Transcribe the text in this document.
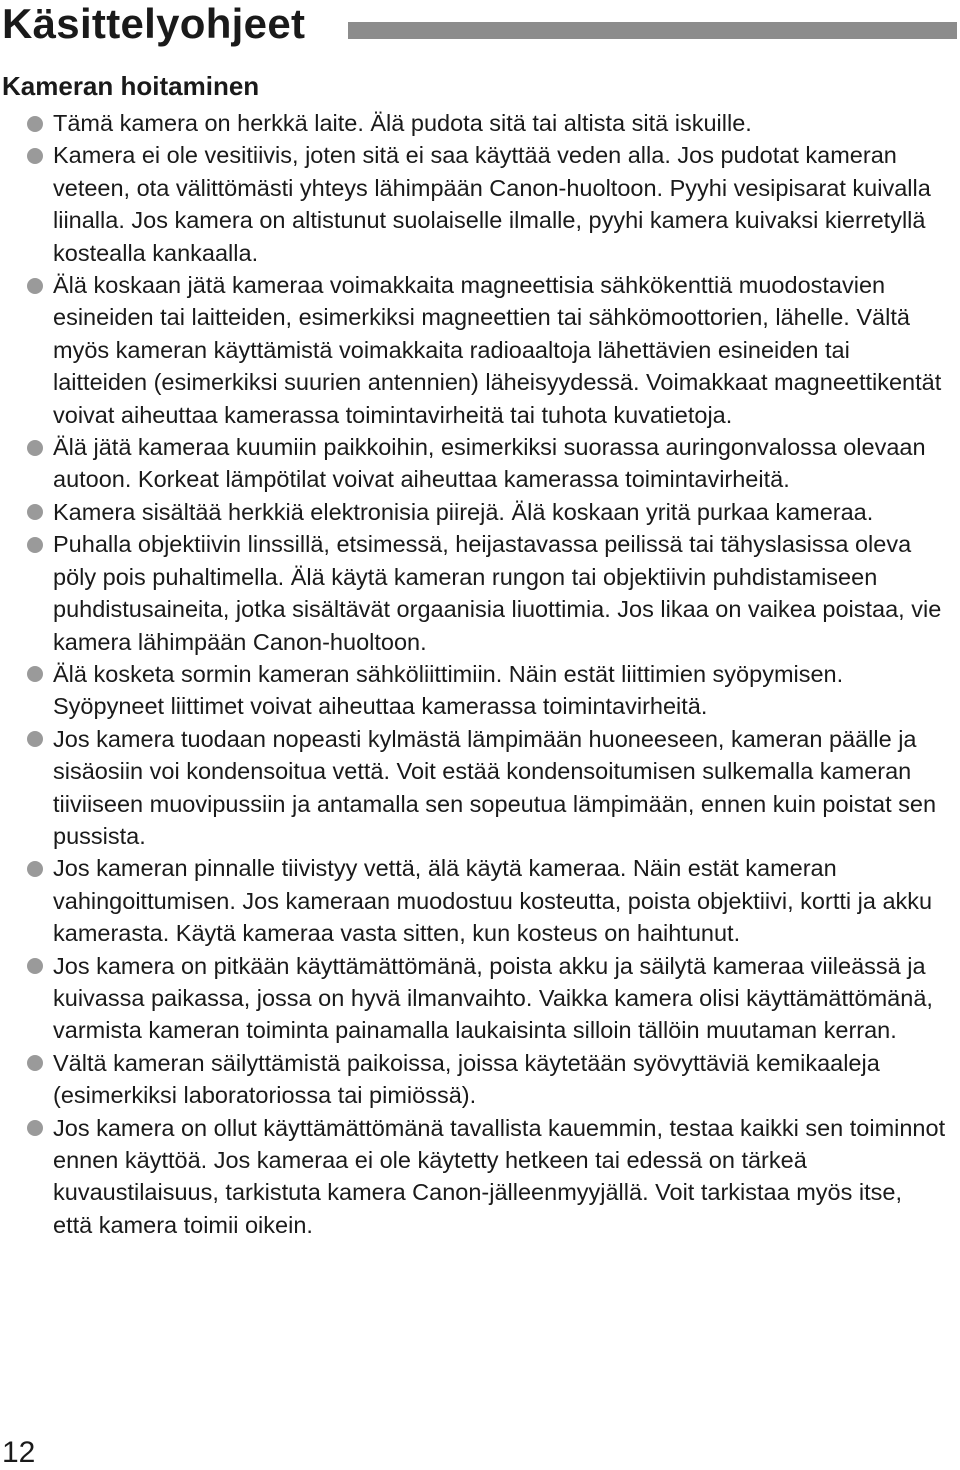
Käsittelyohjeet
Kameran hoitaminen
Tämä kamera on herkkä laite. Älä pudota sitä tai altista sitä iskuille.
Kamera ei ole vesitiivis, joten sitä ei saa käyttää veden alla. Jos pudotat kameran veteen, ota välittömästi yhteys lähimpään Canon-huoltoon. Pyyhi vesipisarat kuivalla liinalla. Jos kamera on altistunut suolaiselle ilmalle, pyyhi kamera kuivaksi kierretyllä kostealla kankaalla.
Älä koskaan jätä kameraa voimakkaita magneettisia sähkökenttiä muodostavien esineiden tai laitteiden, esimerkiksi magneettien tai sähkömoottorien, lähelle. Vältä myös kameran käyttämistä voimakkaita radioaaltoja lähettävien esineiden tai laitteiden (esimerkiksi suurien antennien) läheisyydessä. Voimakkaat magneettikentät voivat aiheuttaa kamerassa toimintavirheitä tai tuhota kuvatietoja.
Älä jätä kameraa kuumiin paikkoihin, esimerkiksi suorassa auringonvalossa olevaan autoon. Korkeat lämpötilat voivat aiheuttaa kamerassa toimintavirheitä.
Kamera sisältää herkkiä elektronisia piirejä. Älä koskaan yritä purkaa kameraa.
Puhalla objektiivin linssillä, etsimessä, heijastavassa peilissä tai tähyslasissa oleva pöly pois puhaltimella. Älä käytä kameran rungon tai objektiivin puhdistamiseen puhdistusaineita, jotka sisältävät orgaanisia liuottimia. Jos likaa on vaikea poistaa, vie kamera lähimpään Canon-huoltoon.
Älä kosketa sormin kameran sähköliittimiin. Näin estät liittimien syöpymisen. Syöpyneet liittimet voivat aiheuttaa kamerassa toimintavirheitä.
Jos kamera tuodaan nopeasti kylmästä lämpimään huoneeseen, kameran päälle ja sisäosiin voi kondensoitua vettä. Voit estää kondensoitumisen sulkemalla kameran tiiviiseen muovipussiin ja antamalla sen sopeutua lämpimään, ennen kuin poistat sen pussista.
Jos kameran pinnalle tiivistyy vettä, älä käytä kameraa. Näin estät kameran vahingoittumisen. Jos kameraan muodostuu kosteutta, poista objektiivi, kortti ja akku kamerasta. Käytä kameraa vasta sitten, kun kosteus on haihtunut.
Jos kamera on pitkään käyttämättömänä, poista akku ja säilytä kameraa viileässä ja kuivassa paikassa, jossa on hyvä ilmanvaihto. Vaikka kamera olisi käyttämättömänä, varmista kameran toiminta painamalla laukaisinta silloin tällöin muutaman kerran.
Vältä kameran säilyttämistä paikoissa, joissa käytetään syövyttäviä kemikaaleja (esimerkiksi laboratoriossa tai pimiössä).
Jos kamera on ollut käyttämättömänä tavallista kauemmin, testaa kaikki sen toiminnot ennen käyttöä. Jos kameraa ei ole käytetty hetkeen tai edessä on tärkeä kuvaustilaisuus, tarkistuta kamera Canon-jälleenmyyjällä. Voit tarkistaa myös itse, että kamera toimii oikein.
12
